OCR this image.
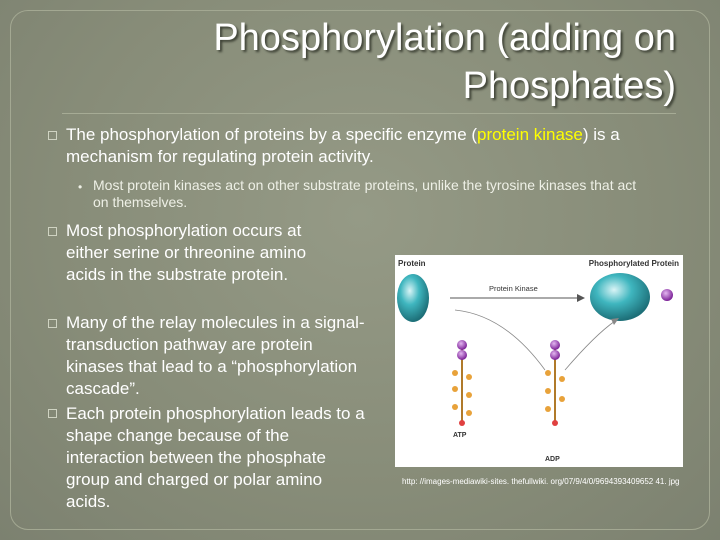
Phosphorylation (adding on
Phosphates)
The phosphorylation of proteins by a specific enzyme (protein kinase) is a mechanism for regulating protein activity.
• Most protein kinases act on other substrate proteins, unlike the tyrosine kinases that act on themselves.
Most phosphorylation occurs at either serine or threonine amino acids in the substrate protein.
Many of the relay molecules in a signal-transduction pathway are protein kinases that lead to a “phosphorylation cascade”.
Each protein phosphorylation leads to a shape change because of the interaction between the phosphate group and charged or polar amino acids.
Protein	Phosphorylated Protein
Protein Kinase
ATP
ADP
http: //images-mediawiki-sites. thefullwiki. org/07/9/4/0/9694393409652 41. jpg
